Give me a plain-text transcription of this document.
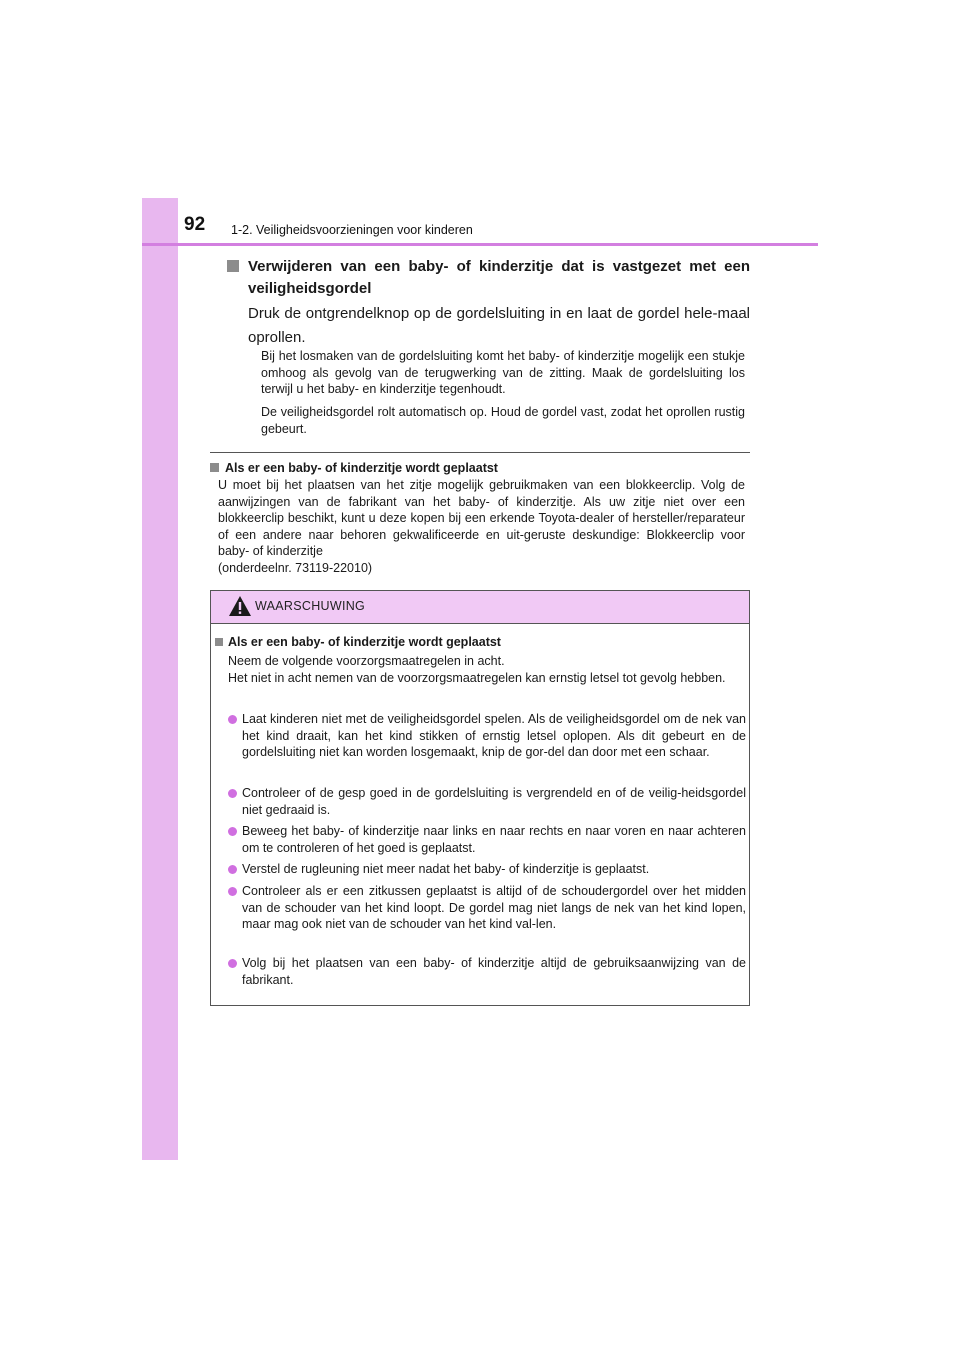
92 1-2. Veiligheidsvoorzieningen voor kinderen
Verwijderen van een baby- of kinderzitje dat is vastgezet met een veiligheidsgordel
Druk de ontgrendelknop op de gordelsluiting in en laat de gordel hele-maal oprollen.
Bij het losmaken van de gordelsluiting komt het baby- of kinderzitje mogelijk een stukje omhoog als gevolg van de terugwerking van de zitting. Maak de gordelsluiting los terwijl u het baby- en kinderzitje tegenhoudt.
De veiligheidsgordel rolt automatisch op. Houd de gordel vast, zodat het oprollen rustig gebeurt.
Als er een baby- of kinderzitje wordt geplaatst
U moet bij het plaatsen van het zitje mogelijk gebruikmaken van een blokkeerclip. Volg de aanwijzingen van de fabrikant van het baby- of kinderzitje. Als uw zitje niet over een blokkeerclip beschikt, kunt u deze kopen bij een erkende Toyota-dealer of hersteller/reparateur of een andere naar behoren gekwalificeerde en uit-geruste deskundige: Blokkeerclip voor baby- of kinderzitje
(onderdeelnr. 73119-22010)
WAARSCHUWING
Als er een baby- of kinderzitje wordt geplaatst
Neem de volgende voorzorgsmaatregelen in acht.
Het niet in acht nemen van de voorzorgsmaatregelen kan ernstig letsel tot gevolg hebben.
Laat kinderen niet met de veiligheidsgordel spelen. Als de veiligheidsgordel om de nek van het kind draait, kan het kind stikken of ernstig letsel oplopen. Als dit gebeurt en de gordelsluiting niet kan worden losgemaakt, knip de gor-del dan door met een schaar.
Controleer of de gesp goed in de gordelsluiting is vergrendeld en of de veilig-heidsgordel niet gedraaid is.
Beweeg het baby- of kinderzitje naar links en naar rechts en naar voren en naar achteren om te controleren of het goed is geplaatst.
Verstel de rugleuning niet meer nadat het baby- of kinderzitje is geplaatst.
Controleer als er een zitkussen geplaatst is altijd of de schoudergordel over het midden van de schouder van het kind loopt. De gordel mag niet langs de nek van het kind lopen, maar mag ook niet van de schouder van het kind val-len.
Volg bij het plaatsen van een baby- of kinderzitje altijd de gebruiksaanwijzing van de fabrikant.
